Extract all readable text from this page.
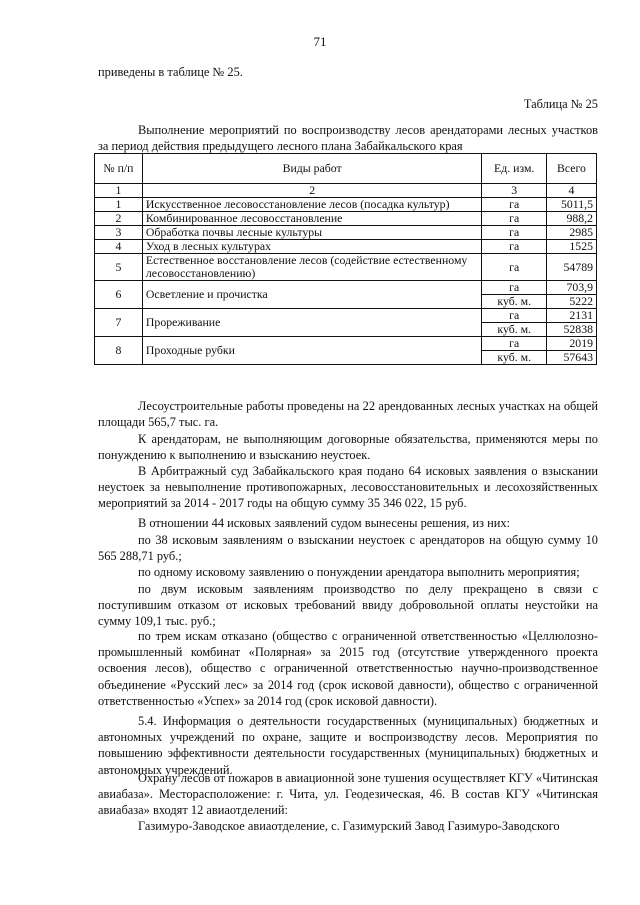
71

приведены в таблице № 25.

Таблица № 25

Выполнение мероприятий по воспроизводству лесов арендаторами лесных участков за период действия предыдущего лесного плана Забайкальского края

№ п/п	Виды работ	Ед. изм.	Всего
1	2	3	4
1	Искусственное лесовосстановление лесов (посадка культур)	га	5011,5
2	Комбинированное лесовосстановление	га	988,2
3	Обработка почвы лесные культуры	га	2985
4	Уход в лесных культурах	га	1525
5	Естественное восстановление лесов (содействие естественному лесовосстановлению)	га	54789
6	Осветление и прочистка	га	703,9
		куб. м.	5222
7	Прореживание	га	2131
		куб. м.	52838
8	Проходные рубки	га	2019
		куб. м.	57643

Лесоустроительные работы проведены на 22 арендованных лесных участках на общей площади 565,7 тыс. га.

К арендаторам, не выполняющим договорные обязательства, применяются меры по понуждению к выполнению и взысканию неустоек.

В Арбитражный суд Забайкальского края подано 64 исковых заявления о взыскании неустоек за невыполнение противопожарных, лесовосстановительных и лесохозяйственных мероприятий за 2014 - 2017 годы на общую сумму 35 346 022, 15 руб.

В отношении 44 исковых заявлений судом вынесены решения, из них:

по 38 исковым заявлениям о взыскании неустоек с арендаторов на общую сумму 10 565 288,71 руб.;

по одному исковому заявлению о понуждении арендатора выполнить мероприятия;

по двум исковым заявлениям производство по делу прекращено в связи с поступившим отказом от исковых требований ввиду добровольной оплаты неустойки на сумму 109,1 тыс. руб.;

по трем искам отказано (общество с ограниченной ответственностью «Целлюлозно-промышленный комбинат «Полярная» за 2015 год (отсутствие утвержденного проекта освоения лесов), общество с ограниченной ответственностью научно-производственное объединение «Русский лес» за 2014 год (срок исковой давности), общество с ограниченной ответственностью «Успех» за 2014 год (срок исковой давности).

5.4. Информация о деятельности государственных (муниципальных) бюджетных и автономных учреждений по охране, защите и воспроизводству лесов. Мероприятия по повышению эффективности деятельности государственных (муниципальных) бюджетных и автономных учреждений.

Охрану лесов от пожаров в авиационной зоне тушения осуществляет КГУ «Читинская авиабаза». Месторасположение: г. Чита, ул. Геодезическая, 46. В состав КГУ «Читинская авиабаза» входят 12 авиаотделений:

Газимуро-Заводское авиаотделение, с. Газимурский Завод Газимуро-Заводского
